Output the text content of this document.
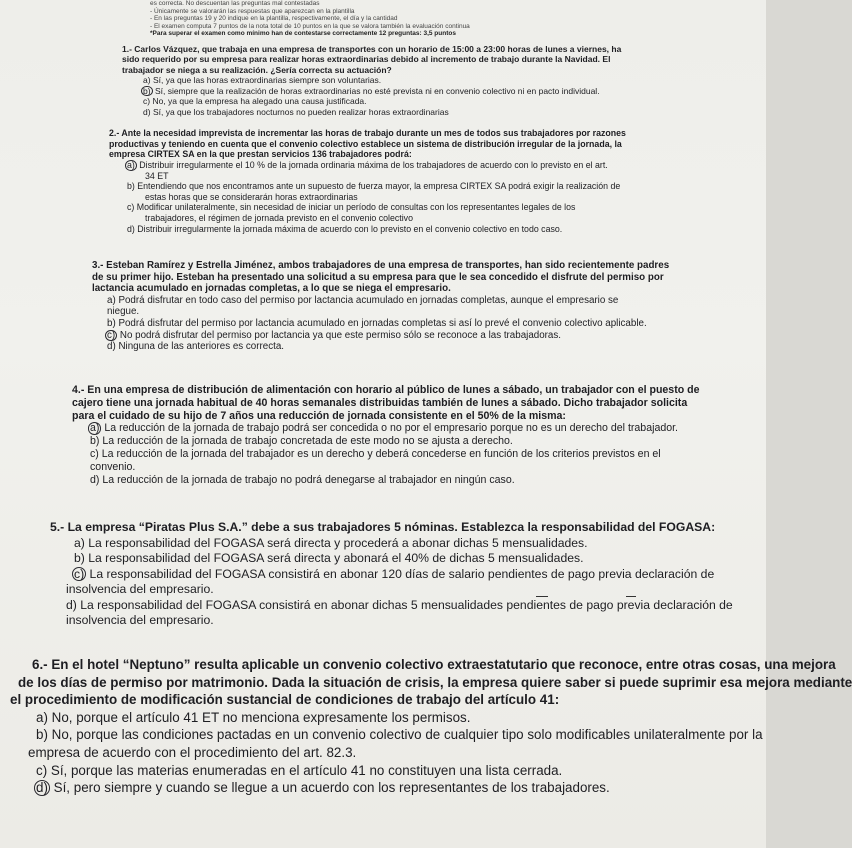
es correcta. No descuentan las preguntas mal contestadas
- Únicamente se valorarán las respuestas que aparezcan en la plantilla
- En las preguntas 19 y 20 indique en la plantilla, respectivamente, el día y la cantidad
- El examen computa 7 puntos de la nota total de 10 puntos en la que se valora también la evaluación continua
*Para superar el examen como mínimo han de contestarse correctamente 12 preguntas: 3,5 puntos

1.- Carlos Vázquez, que trabaja en una empresa de transportes con un horario de 15:00 a 23:00 horas de lunes a viernes, ha

sido requerido por su empresa para realizar horas extraordinarias debido al incremento de trabajo durante la Navidad. El

trabajador se niega a su realización. ¿Sería correcta su actuación?

a) Sí, ya que las horas extraordinarias siempre son voluntarias.

b) Sí, siempre que la realización de horas extraordinarias no esté prevista ni en convenio colectivo ni en pacto individual.

c) No, ya que la empresa ha alegado una causa justificada.

d) Sí, ya que los trabajadores nocturnos no pueden realizar horas extraordinarias

2.- Ante la necesidad imprevista de incrementar las horas de trabajo durante un mes de todos sus trabajadores por razones

productivas y teniendo en cuenta que el convenio colectivo establece un sistema de distribución irregular de la jornada, la

empresa CIRTEX SA en la que prestan servicios 136 trabajadores podrá:

a) Distribuir irregularmente el 10 % de la jornada ordinaria máxima de los trabajadores de acuerdo con lo previsto en el art.

34 ET

b) Entendiendo que nos encontramos ante un supuesto de fuerza mayor, la empresa CIRTEX SA podrá exigir la realización de

estas horas que se considerarán horas extraordinarias

c) Modificar unilateralmente, sin necesidad de iniciar un período de consultas con los representantes legales de los

trabajadores, el régimen de jornada previsto en el convenio colectivo

d) Distribuir irregularmente la jornada máxima de acuerdo con lo previsto en el convenio colectivo en todo caso.

3.- Esteban Ramírez y Estrella Jiménez, ambos trabajadores de una empresa de transportes, han sido recientemente padres

de su primer hijo. Esteban ha presentado una solicitud a su empresa para que le sea concedido el disfrute del permiso por

lactancia acumulado en jornadas completas, a lo que se niega el empresario.

a) Podrá disfrutar en todo caso del permiso por lactancia acumulado en jornadas completas, aunque el empresario se

niegue.

b) Podrá disfrutar del permiso por lactancia acumulado en jornadas completas si así lo prevé el convenio colectivo aplicable.

c) No podrá disfrutar del permiso por lactancia ya que este permiso sólo se reconoce a las trabajadoras.

d) Ninguna de las anteriores es correcta.

4.- En una empresa de distribución de alimentación con horario al público de lunes a sábado, un trabajador con el puesto de

cajero tiene una jornada habitual de 40 horas semanales distribuidas también de lunes a sábado. Dicho trabajador solicita

para el cuidado de su hijo de 7 años una reducción de jornada consistente en el 50% de la misma:

a) La reducción de la jornada de trabajo podrá ser concedida o no por el empresario porque no es un derecho del trabajador.

b) La reducción de la jornada de trabajo concretada de este modo no se ajusta a derecho.

c) La reducción de la jornada del trabajador es un derecho y deberá concederse en función de los criterios previstos en el

convenio.

d) La reducción de la jornada de trabajo no podrá denegarse al trabajador en ningún caso.

5.- La empresa “Piratas Plus S.A.” debe a sus trabajadores 5 nóminas. Establezca la responsabilidad del FOGASA:

a) La responsabilidad del FOGASA será directa y procederá a abonar dichas 5 mensualidades.

b) La responsabilidad del FOGASA será directa y abonará el 40% de dichas 5 mensualidades.

c) La responsabilidad del FOGASA consistirá en abonar 120 días de salario pendientes de pago previa declaración de

insolvencia del empresario.

d) La responsabilidad del FOGASA consistirá en abonar dichas 5 mensualidades pendientes de pago previa declaración de

insolvencia del empresario.

6.- En el hotel “Neptuno” resulta aplicable un convenio colectivo extraestatutario que reconoce, entre otras cosas, una mejora

de los días de permiso por matrimonio. Dada la situación de crisis, la empresa quiere saber si puede suprimir esa mejora mediante

el procedimiento de modificación sustancial de condiciones de trabajo del artículo 41:

a) No, porque el artículo 41 ET no menciona expresamente los permisos.

b) No, porque las condiciones pactadas en un convenio colectivo de cualquier tipo solo modificables unilateralmente por la

empresa de acuerdo con el procedimiento del art. 82.3.

c) Sí, porque las materias enumeradas en el artículo 41 no constituyen una lista cerrada.

d) Sí, pero siempre y cuando se llegue a un acuerdo con los representantes de los trabajadores.
